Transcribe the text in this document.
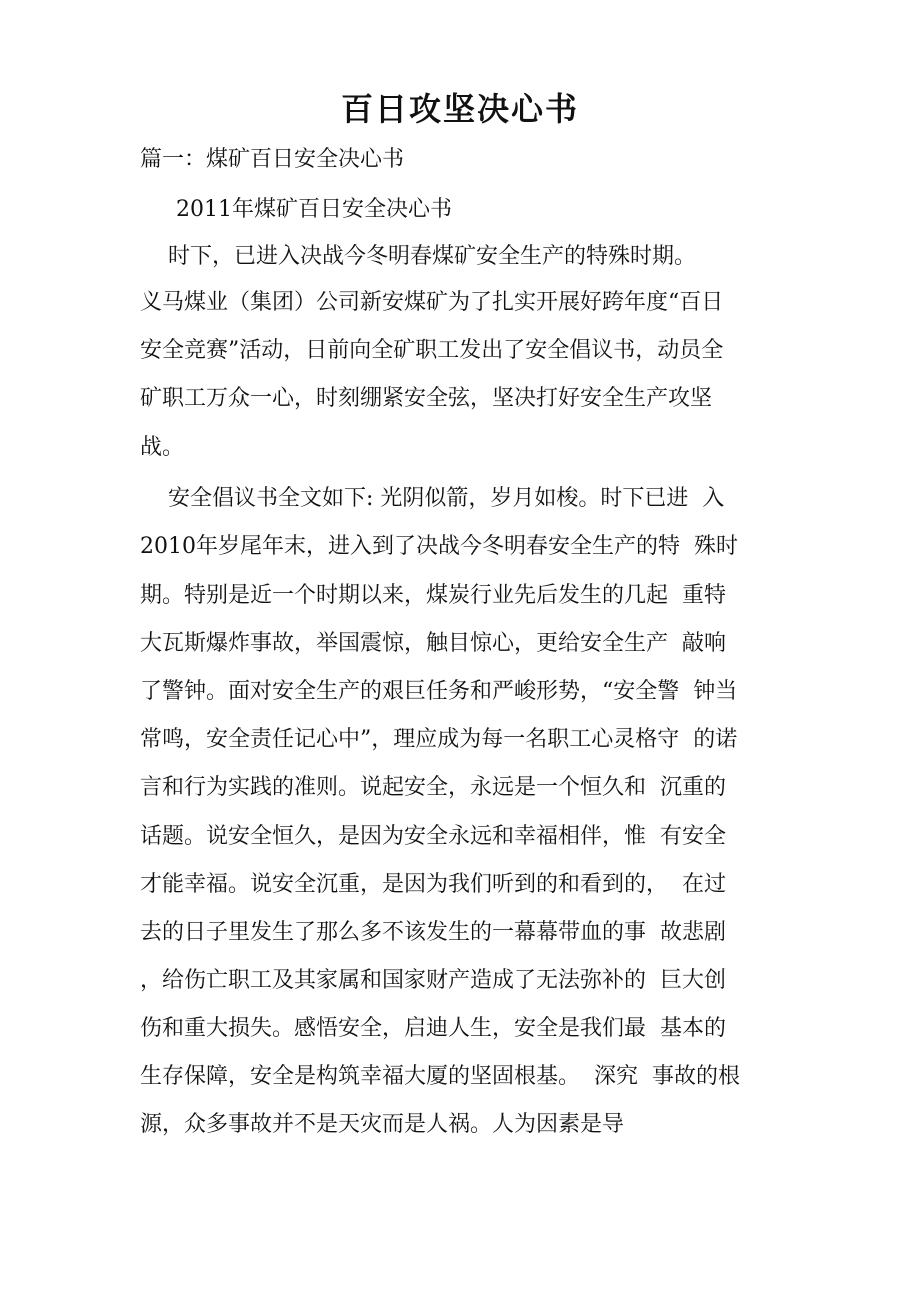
百日攻坚决心书
篇一：煤矿百日安全决心书
2011年煤矿百日安全决心书
时下，已进入决战今冬明春煤矿安全生产的特殊时期。
义马煤业（集团）公司新安煤矿为了扎实开展好跨年度“百日
安全竞赛”活动，日前向全矿职工发出了安全倡议书，动员全
矿职工万众一心，时刻绷紧安全弦，坚决打好安全生产攻坚
战。
安全倡议书全文如下: 光阴似箭，岁月如梭。时下已进  入
2010年岁尾年末，进入到了决战今冬明春安全生产的特  殊时
期。特别是近一个时期以来，煤炭行业先后发生的几起  重特
大瓦斯爆炸事故，举国震惊，触目惊心，更给安全生产  敲响
了警钟。面对安全生产的艰巨任务和严峻形势，“安全警  钟当
常鸣，安全责任记心中”，理应成为每一名职工心灵格守  的诺
言和行为实践的准则。说起安全，永远是一个恒久和  沉重的
话题。说安全恒久，是因为安全永远和幸福相伴，惟  有安全
才能幸福。说安全沉重，是因为我们听到的和看到的，  在过
去的日子里发生了那么多不该发生的一幕幕带血的事  故悲剧
，给伤亡职工及其家属和国家财产造成了无法弥补的  巨大创
伤和重大损失。感悟安全，启迪人生，安全是我们最  基本的
生存保障，安全是构筑幸福大厦的坚固根基。  深究  事故的根
源，众多事故并不是天灾而是人祸。人为因素是导
